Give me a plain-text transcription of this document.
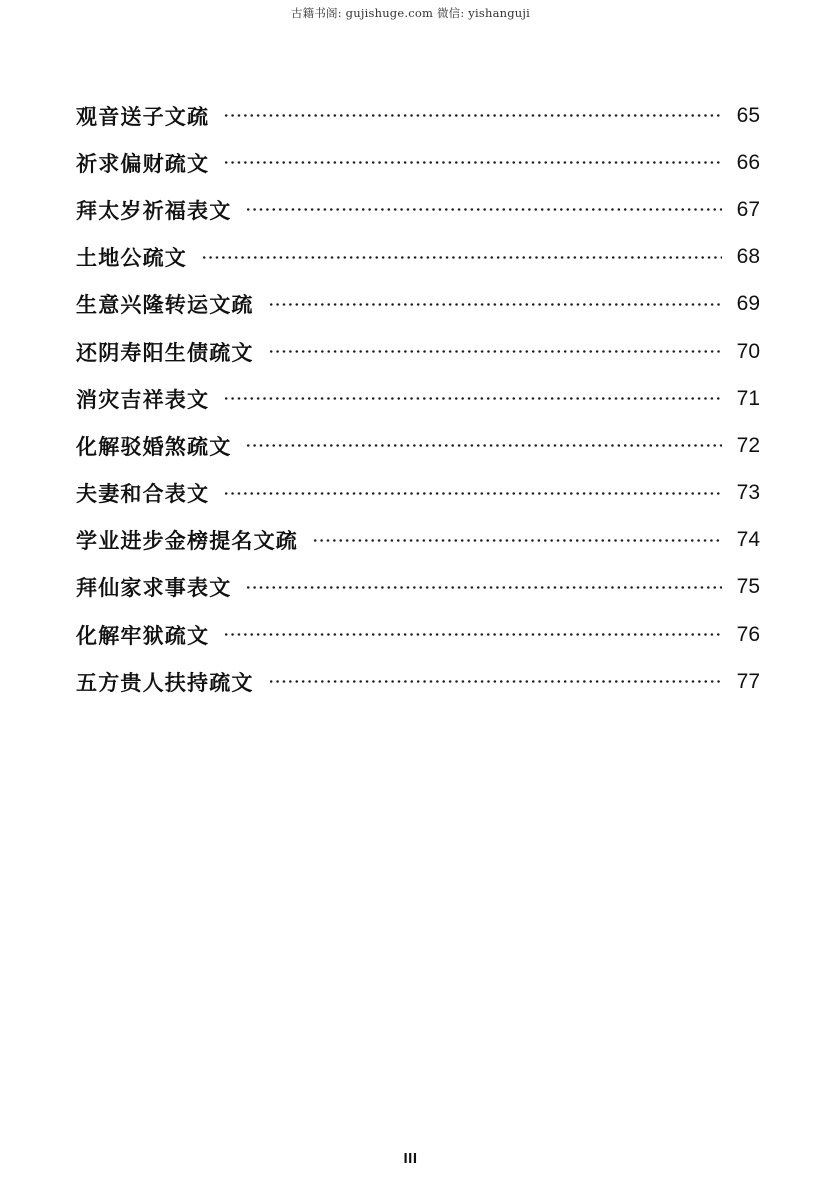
古籍书阁: gujishuge.com 微信: yishanguji
观音送子文疏	65
祈求偏财疏文	66
拜太岁祈福表文	67
土地公疏文	68
生意兴隆转运文疏	69
还阴寿阳生债疏文	70
消灾吉祥表文	71
化解驳婚煞疏文	72
夫妻和合表文	73
学业进步金榜提名文疏	74
拜仙家求事表文	75
化解牢狱疏文	76
五方贵人扶持疏文	77
III
